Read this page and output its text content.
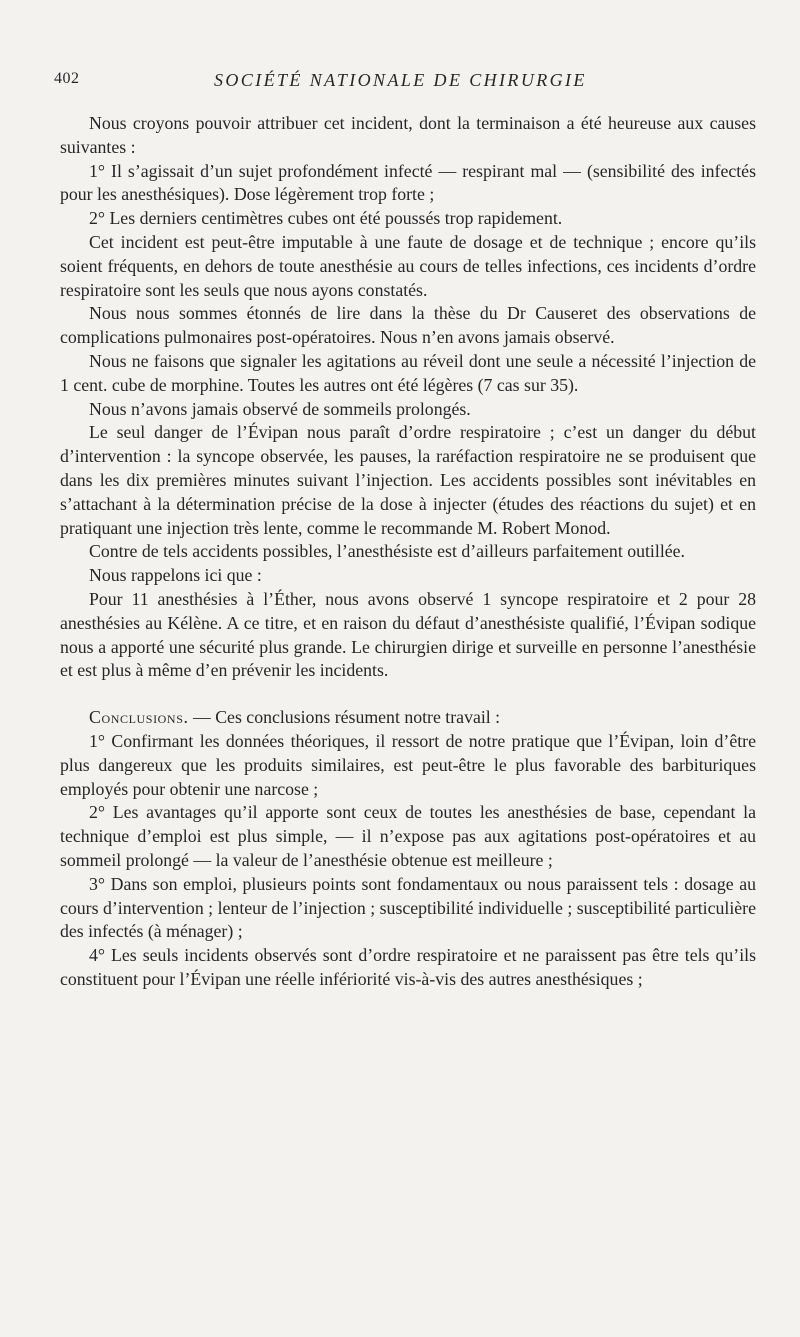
402	SOCIÉTÉ NATIONALE DE CHIRURGIE

Nous croyons pouvoir attribuer cet incident, dont la terminaison a été heureuse aux causes suivantes :

1° Il s’agissait d’un sujet profondément infecté — respirant mal — (sensibilité des infectés pour les anesthésiques). Dose légèrement trop forte ;

2° Les derniers centimètres cubes ont été poussés trop rapidement.

Cet incident est peut-être imputable à une faute de dosage et de technique ; encore qu’ils soient fréquents, en dehors de toute anesthésie au cours de telles infections, ces incidents d’ordre respiratoire sont les seuls que nous ayons constatés.

Nous nous sommes étonnés de lire dans la thèse du Dr Causeret des observations de complications pulmonaires post-opératoires. Nous n’en avons jamais observé.

Nous ne faisons que signaler les agitations au réveil dont une seule a nécessité l’injection de 1 cent. cube de morphine. Toutes les autres ont été légères (7 cas sur 35).

Nous n’avons jamais observé de sommeils prolongés.

Le seul danger de l’Évipan nous paraît d’ordre respiratoire ; c’est un danger du début d’intervention : la syncope observée, les pauses, la raréfaction respiratoire ne se produisent que dans les dix premières minutes suivant l’injection. Les accidents possibles sont inévitables en s’attachant à la détermination précise de la dose à injecter (études des réactions du sujet) et en pratiquant une injection très lente, comme le recommande M. Robert Monod.

Contre de tels accidents possibles, l’anesthésiste est d’ailleurs parfaitement outillée.

Nous rappelons ici que :

Pour 11 anesthésies à l’Éther, nous avons observé 1 syncope respiratoire et 2 pour 28 anesthésies au Kélène. A ce titre, et en raison du défaut d’anesthésiste qualifié, l’Évipan sodique nous a apporté une sécurité plus grande. Le chirurgien dirige et surveille en personne l’anesthésie et est plus à même d’en prévenir les incidents.

Conclusions. — Ces conclusions résument notre travail :

1° Confirmant les données théoriques, il ressort de notre pratique que l’Évipan, loin d’être plus dangereux que les produits similaires, est peut-être le plus favorable des barbituriques employés pour obtenir une narcose ;

2° Les avantages qu’il apporte sont ceux de toutes les anesthésies de base, cependant la technique d’emploi est plus simple, — il n’expose pas aux agitations post-opératoires et au sommeil prolongé — la valeur de l’anesthésie obtenue est meilleure ;

3° Dans son emploi, plusieurs points sont fondamentaux ou nous paraissent tels : dosage au cours d’intervention ; lenteur de l’injection ; susceptibilité individuelle ; susceptibilité particulière des infectés (à ménager) ;

4° Les seuls incidents observés sont d’ordre respiratoire et ne paraissent pas être tels qu’ils constituent pour l’Évipan une réelle infériorité vis-à-vis des autres anesthésiques ;
